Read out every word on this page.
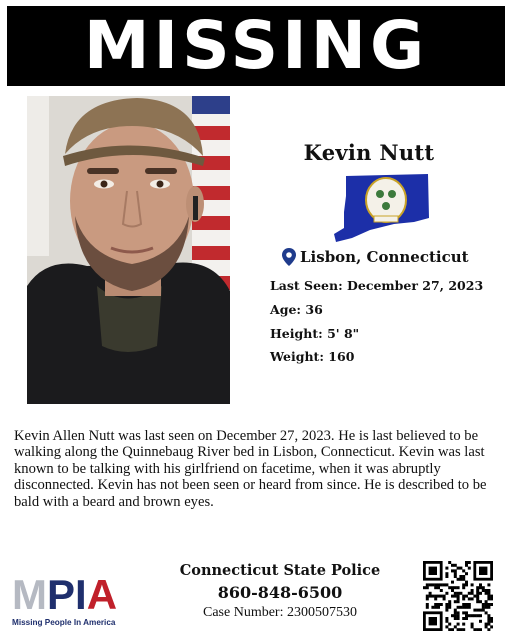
MISSING
Kevin Nutt
Lisbon, Connecticut
Last Seen: December 27, 2023
Age: 36
Height: 5' 8"
Weight: 160

Kevin Allen Nutt was last seen on December 27, 2023. He is last believed to be walking along the Quinnebaug River bed in Lisbon, Connecticut. Kevin was last known to be talking with his girlfriend on facetime, when it was abruptly disconnected. Kevin has not been seen or heard from since. He is described to be bald with a beard and brown eyes.

M P I A
Missing People In America
Connecticut State Police
860-848-6500
Case Number: 2300507530
